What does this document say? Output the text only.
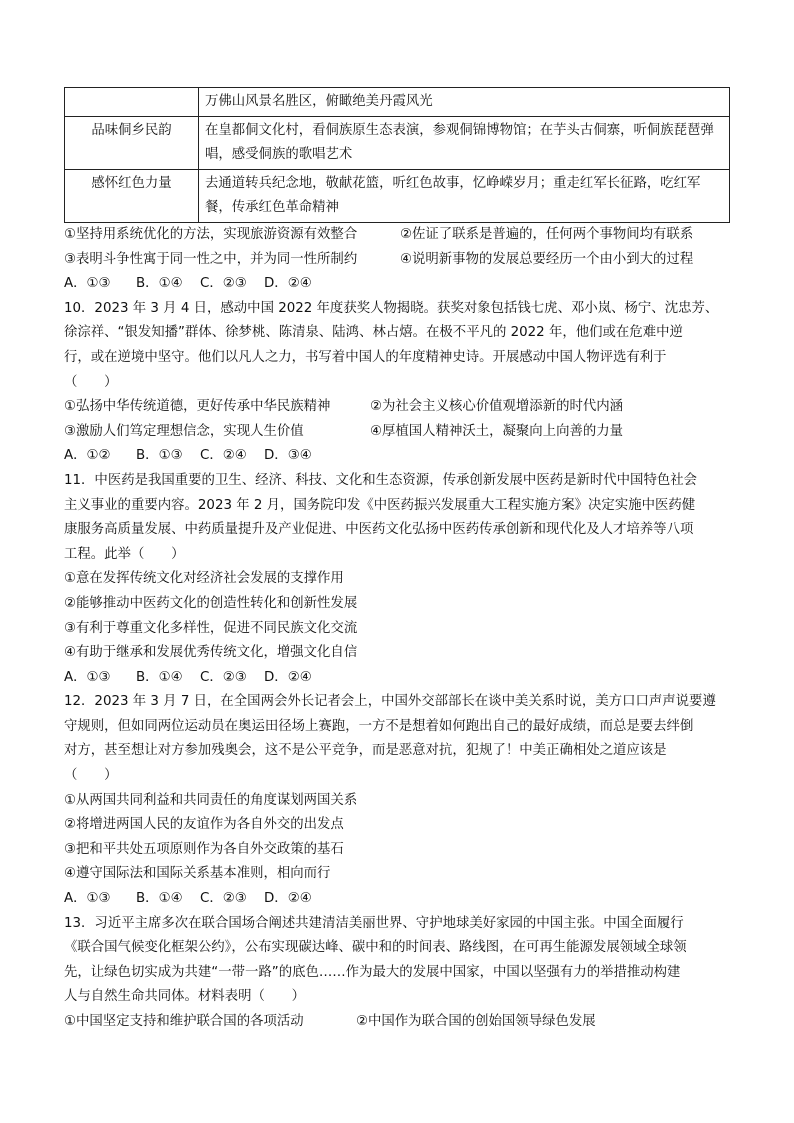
	万佛山风景名胜区，俯瞰绝美丹霞风光
品味侗乡民韵	在皇都侗文化村，看侗族原生态表演，参观侗锦博物馆；在芋头古侗寨，听侗族琵琶弹唱，感受侗族的歌唱艺术
感怀红色力量	去通道转兵纪念地，敬献花篮，听红色故事，忆峥嵘岁月；重走红军长征路，吃红军餐，传承红色革命精神
①坚持用系统优化的方法，实现旅游资源有效整合	②佐证了联系是普遍的，任何两个事物间均有联系
③表明斗争性寓于同一性之中，并为同一性所制约	④说明新事物的发展总要经历一个由小到大的过程
A．①③	B．①④	C．②③	D．②④
10．2023 年 3 月 4 日，感动中国 2022 年度获奖人物揭晓。获奖对象包括钱七虎、邓小岚、杨宁、沈忠芳、
徐淙祥、“银发知播”群体、徐梦桃、陈清泉、陆鸿、林占熺。在极不平凡的 2022 年，他们或在危难中逆
行，或在逆境中坚守。他们以凡人之力，书写着中国人的年度精神史诗。开展感动中国人物评选有利于
（　　）
①弘扬中华传统道德，更好传承中华民族精神	②为社会主义核心价值观增添新的时代内涵
③激励人们笃定理想信念，实现人生价值	④厚植国人精神沃土，凝聚向上向善的力量
A．①②	B．①③	C．②④	D．③④
11．中医药是我国重要的卫生、经济、科技、文化和生态资源，传承创新发展中医药是新时代中国特色社会
主义事业的重要内容。2023 年 2 月，国务院印发《中医药振兴发展重大工程实施方案》决定实施中医药健
康服务高质量发展、中药质量提升及产业促进、中医药文化弘扬中医药传承创新和现代化及人才培养等八项
工程。此举（　　）
①意在发挥传统文化对经济社会发展的支撑作用
②能够推动中医药文化的创造性转化和创新性发展
③有利于尊重文化多样性，促进不同民族文化交流
④有助于继承和发展优秀传统文化，增强文化自信
A．①③	B．①④	C．②③	D．②④
12．2023 年 3 月 7 日，在全国两会外长记者会上，中国外交部部长在谈中美关系时说，美方口口声声说要遵
守规则，但如同两位运动员在奥运田径场上赛跑，一方不是想着如何跑出自己的最好成绩，而总是要去绊倒
对方，甚至想让对方参加残奥会，这不是公平竞争，而是恶意对抗，犯规了！中美正确相处之道应该是
（　　）
①从两国共同利益和共同责任的角度谋划两国关系
②将增进两国人民的友谊作为各自外交的出发点
③把和平共处五项原则作为各自外交政策的基石
④遵守国际法和国际关系基本准则，相向而行
A．①③	B．①④	C．②③	D．②④
13．习近平主席多次在联合国场合阐述共建清洁美丽世界、守护地球美好家园的中国主张。中国全面履行
《联合国气候变化框架公约》，公布实现碳达峰、碳中和的时间表、路线图，在可再生能源发展领域全球领
先，让绿色切实成为共建“一带一路”的底色……作为最大的发展中国家，中国以坚强有力的举措推动构建
人与自然生命共同体。材料表明（　　）
①中国坚定支持和维护联合国的各项活动	②中国作为联合国的创始国领导绿色发展
